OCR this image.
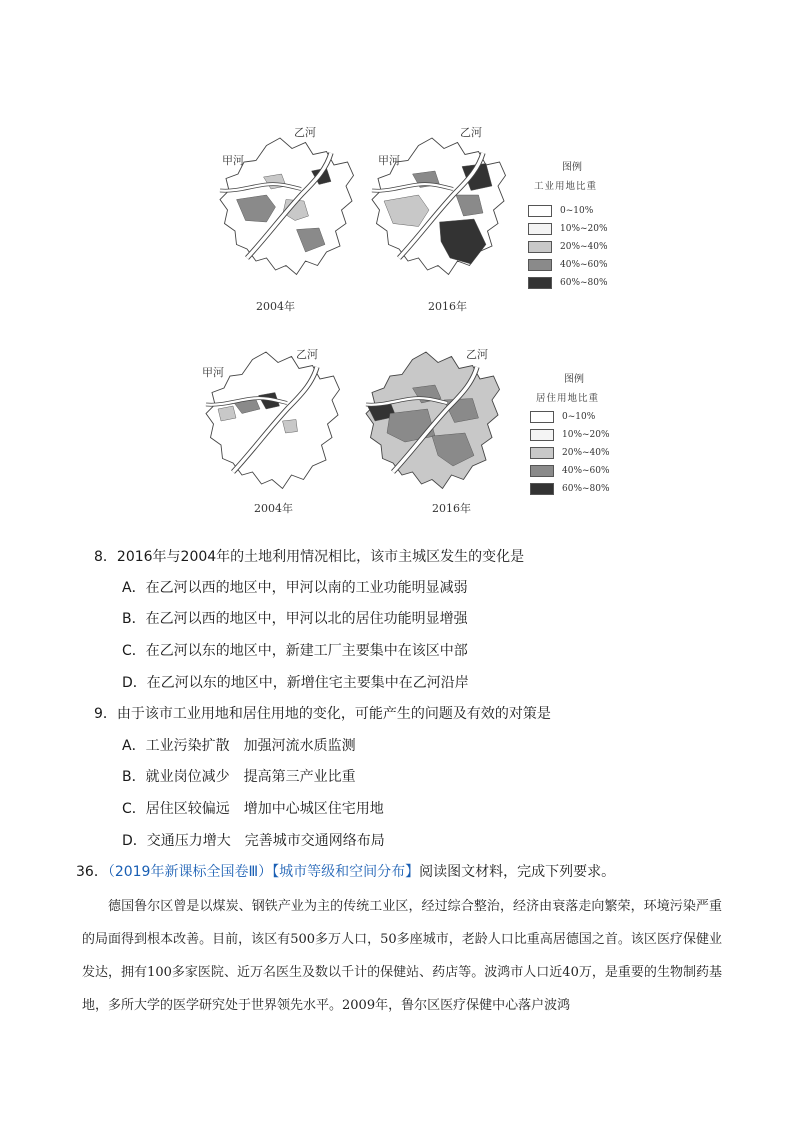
2004年
甲河
乙河
2016年
甲河
乙河
图例
工业用地比重
0~10%
10%~20%
20%~40%
40%~60%
60%~80%
2004年
甲河
乙河
2016年
乙河
图例
居住用地比重
0~10%
10%~20%
20%~40%
40%~60%
60%~80%
8．2016年与2004年的土地利用情况相比，该市主城区发生的变化是
A．在乙河以西的地区中，甲河以南的工业功能明显减弱
B．在乙河以西的地区中，甲河以北的居住功能明显增强
C．在乙河以东的地区中，新建工厂主要集中在该区中部
D．在乙河以东的地区中，新增住宅主要集中在乙河沿岸
9．由于该市工业用地和居住用地的变化，可能产生的问题及有效的对策是
A．工业污染扩散　加强河流水质监测
B．就业岗位减少　提高第三产业比重
C．居住区较偏远　增加中心城区住宅用地
D．交通压力增大　完善城市交通网络布局
36．（2019年新课标全国卷Ⅲ）【城市等级和空间分布】阅读图文材料，完成下列要求。
德国鲁尔区曾是以煤炭、钢铁产业为主的传统工业区，经过综合整治，经济由衰落走向繁荣，环境污染严重的局面得到根本改善。目前，该区有500多万人口，50多座城市，老龄人口比重高居德国之首。该区医疗保健业发达，拥有100多家医院、近万名医生及数以千计的保健站、药店等。波鸿市人口近40万，是重要的生物制药基地，多所大学的医学研究处于世界领先水平。2009年，鲁尔区医疗保健中心落户波鸿
